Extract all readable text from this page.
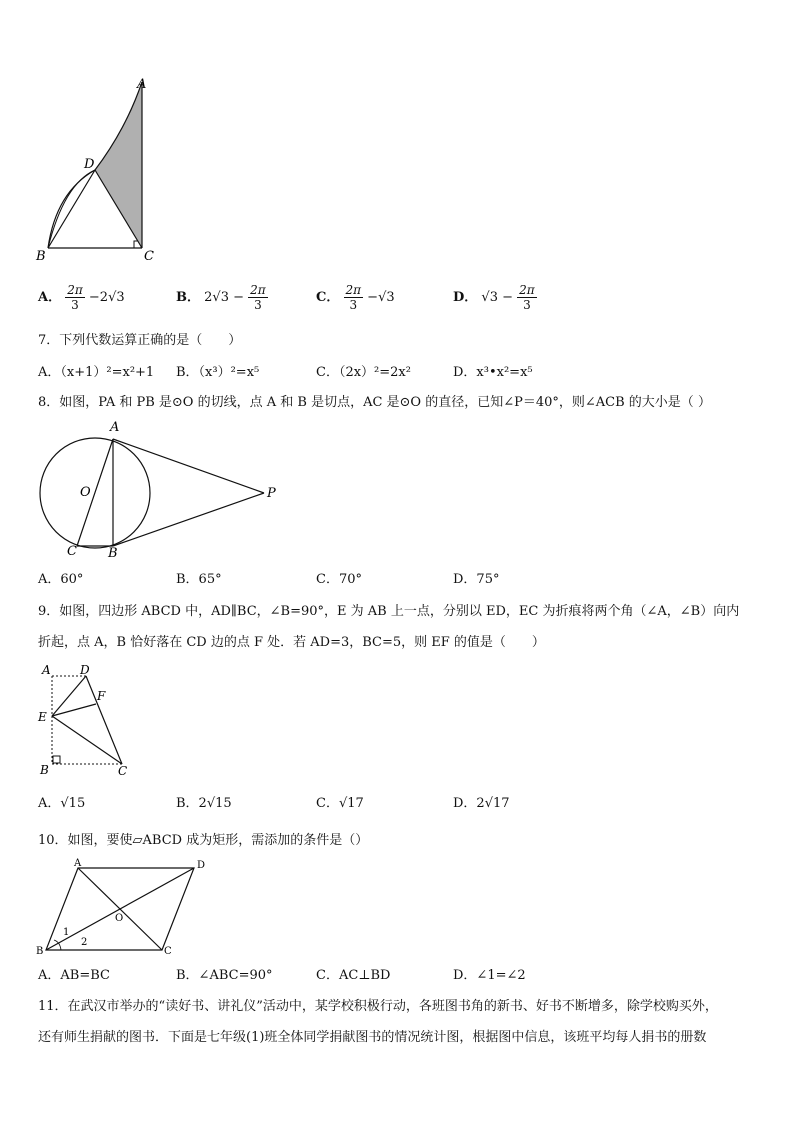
A
D
B	C
A． $\frac{2\pi}{3} -2√3$	B． $2√3 - \frac{2\pi}{3}$	C． $\frac{2\pi}{3} -√3$	D． $√3 - \frac{2\pi}{3}$
7．下列代数运算正确的是（　　）
A．（x+1）²=x²+1 B．（x³）²=x⁵	C．（2x）²=2x²	D．x³•x²=x⁵
8．如图，PA 和 PB 是⊙O 的切线，点 A 和 B 是切点，AC 是⊙O 的直径，已知∠P＝40°，则∠ACB 的大小是（ ）
A
O	P
C B
A．60°	B．65°	C．70°	D．75°
9．如图，四边形 ABCD 中，AD∥BC，∠B=90°，E 为 AB 上一点，分别以 ED，EC 为折痕将两个角（∠A，∠B）向内
折起，点 A，B 恰好落在 CD 边的点 F 处．若 AD=3，BC=5，则 EF 的值是（　　）
A D
F
E
B	C
A．√15	B．2√15	C．√17	D．2√17
10．如图，要使▱ABCD 成为矩形，需添加的条件是（）
A	D
O
B	C
1
2
A．AB=BC	B．∠ABC=90°	C．AC⊥BD	D．∠1=∠2
11．在武汉市举办的“读好书、讲礼仪”活动中，某学校积极行动，各班图书角的新书、好书不断增多，除学校购买外，
还有师生捐献的图书．下面是七年级(1)班全体同学捐献图书的情况统计图，根据图中信息，该班平均每人捐书的册数
